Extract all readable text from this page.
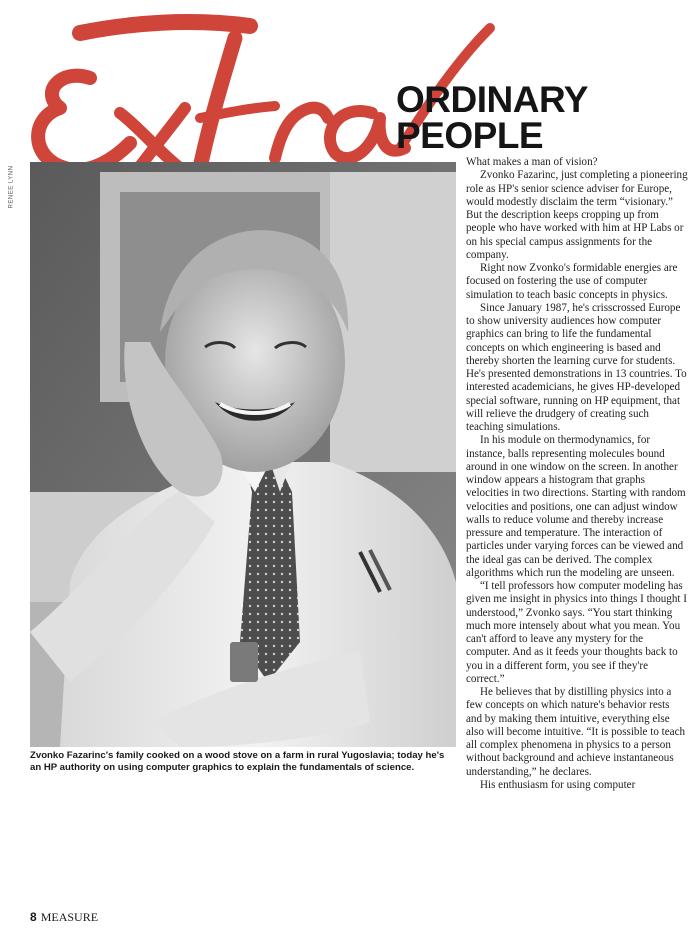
Extra
ORDINARY
PEOPLE
RENEE LYNN
Zvonko Fazarinc's family cooked on a wood stove on a farm in rural Yugoslavia; today he's an HP authority on using computer graphics to explain the fundamentals of science.

What makes a man of vision?

Zvonko Fazarinc, just completing a pioneering role as HP's senior science adviser for Europe, would modestly disclaim the term “visionary.” But the description keeps cropping up from people who have worked with him at HP Labs or on his special campus assignments for the company.

Right now Zvonko's formidable energies are focused on fostering the use of computer simulation to teach basic concepts in physics.

Since January 1987, he's crisscrossed Europe to show university audiences how computer graphics can bring to life the fundamental concepts on which engineering is based and thereby shorten the learning curve for students. He's presented demonstrations in 13 countries. To interested academicians, he gives HP-developed special software, running on HP equipment, that will relieve the drudgery of creating such teaching simulations.

In his module on thermodynamics, for instance, balls representing molecules bound around in one window on the screen. In another window appears a histogram that graphs velocities in two directions. Starting with random velocities and positions, one can adjust window walls to reduce volume and thereby increase pressure and temperature. The interaction of particles under varying forces can be viewed and the ideal gas can be derived. The complex algorithms which run the modeling are unseen.

“I tell professors how computer modeling has given me insight in physics into things I thought I understood,” Zvonko says. “You start thinking much more intensely about what you mean. You can't afford to leave any mystery for the computer. And as it feeds your thoughts back to you in a different form, you see if they're correct.”

He believes that by distilling physics into a few concepts on which nature's behavior rests and by making them intuitive, everything else also will become intuitive. “It is possible to teach all complex phenomena in physics to a person without background and achieve instantaneous understanding,” he declares.

His enthusiasm for using computer

8 MEASURE
